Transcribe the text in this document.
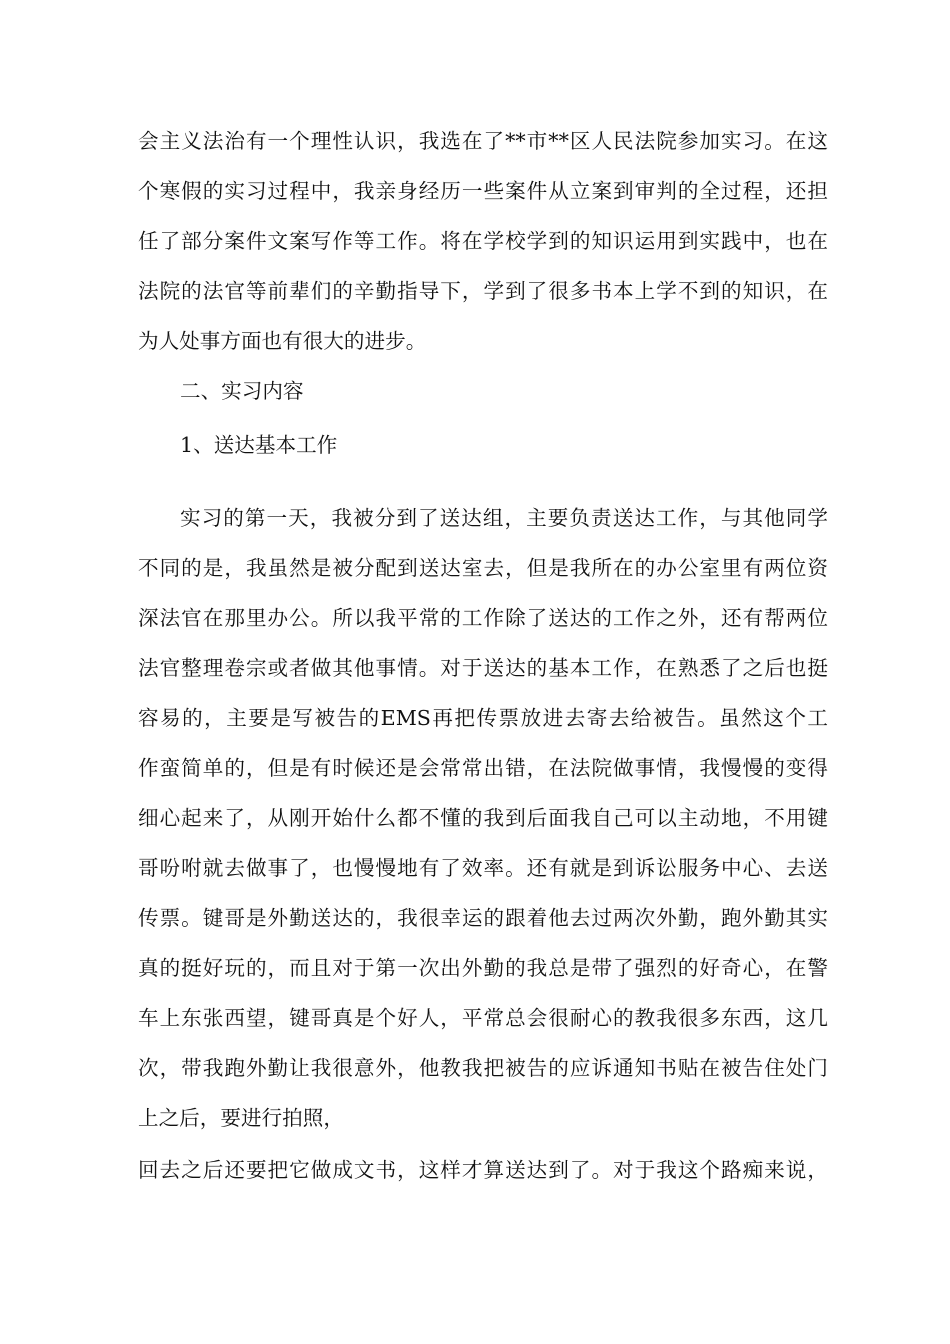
会主义法治有一个理性认识，我选在了**市**区人民法院参加实习。在这
个寒假的实习过程中，我亲身经历一些案件从立案到审判的全过程，还担
任了部分案件文案写作等工作。将在学校学到的知识运用到实践中，也在
法院的法官等前辈们的辛勤指导下，学到了很多书本上学不到的知识，在
为人处事方面也有很大的进步。
二、实习内容
1、送达基本工作
实习的第一天，我被分到了送达组，主要负责送达工作，与其他同学
不同的是，我虽然是被分配到送达室去，但是我所在的办公室里有两位资
深法官在那里办公。所以我平常的工作除了送达的工作之外，还有帮两位
法官整理卷宗或者做其他事情。对于送达的基本工作，在熟悉了之后也挺
容易的，主要是写被告的EMS再把传票放进去寄去给被告。虽然这个工
作蛮简单的，但是有时候还是会常常出错，在法院做事情，我慢慢的变得
细心起来了，从刚开始什么都不懂的我到后面我自己可以主动地，不用键
哥吩咐就去做事了，也慢慢地有了效率。还有就是到诉讼服务中心、去送
传票。键哥是外勤送达的，我很幸运的跟着他去过两次外勤，跑外勤其实
真的挺好玩的，而且对于第一次出外勤的我总是带了强烈的好奇心，在警
车上东张西望，键哥真是个好人，平常总会很耐心的教我很多东西，这几
次，带我跑外勤让我很意外，他教我把被告的应诉通知书贴在被告住处门
上之后，要进行拍照，
回去之后还要把它做成文书，这样才算送达到了。对于我这个路痴来说，
